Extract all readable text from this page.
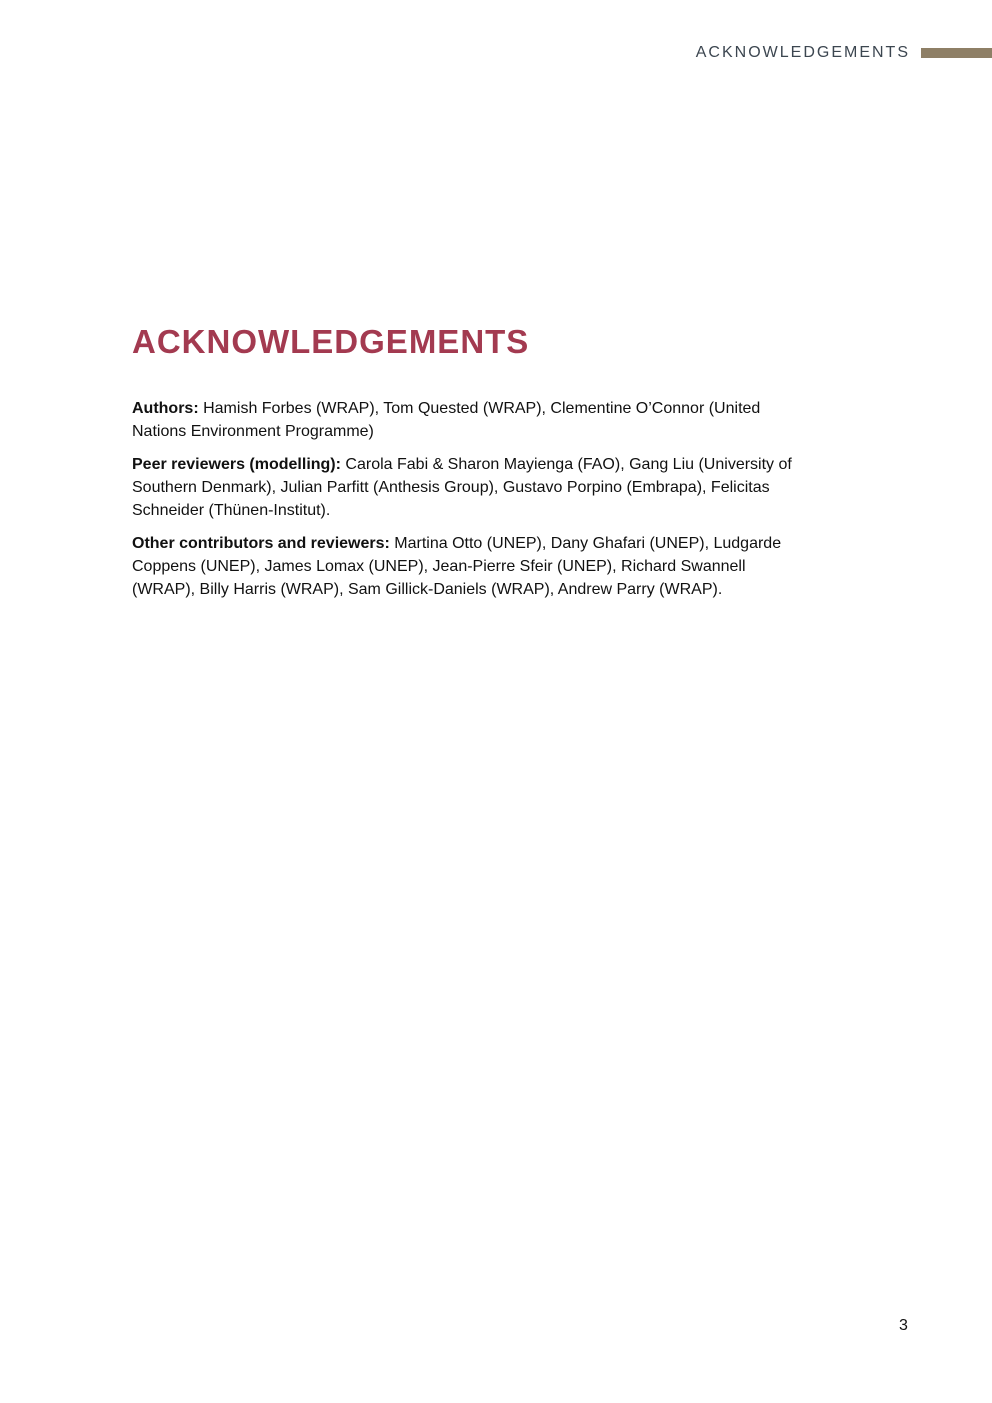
ACKNOWLEDGEMENTS
ACKNOWLEDGEMENTS

Authors: Hamish Forbes (WRAP), Tom Quested (WRAP), Clementine O’Connor (United Nations Environment Programme)

Peer reviewers (modelling): Carola Fabi & Sharon Mayienga (FAO), Gang Liu (University of Southern Denmark), Julian Parfitt (Anthesis Group), Gustavo Porpino (Embrapa), Felicitas Schneider (Thünen-Institut).

Other contributors and reviewers: Martina Otto (UNEP), Dany Ghafari (UNEP), Ludgarde Coppens (UNEP), James Lomax (UNEP), Jean-Pierre Sfeir (UNEP), Richard Swannell (WRAP), Billy Harris (WRAP), Sam Gillick-Daniels (WRAP), Andrew Parry (WRAP).

3
